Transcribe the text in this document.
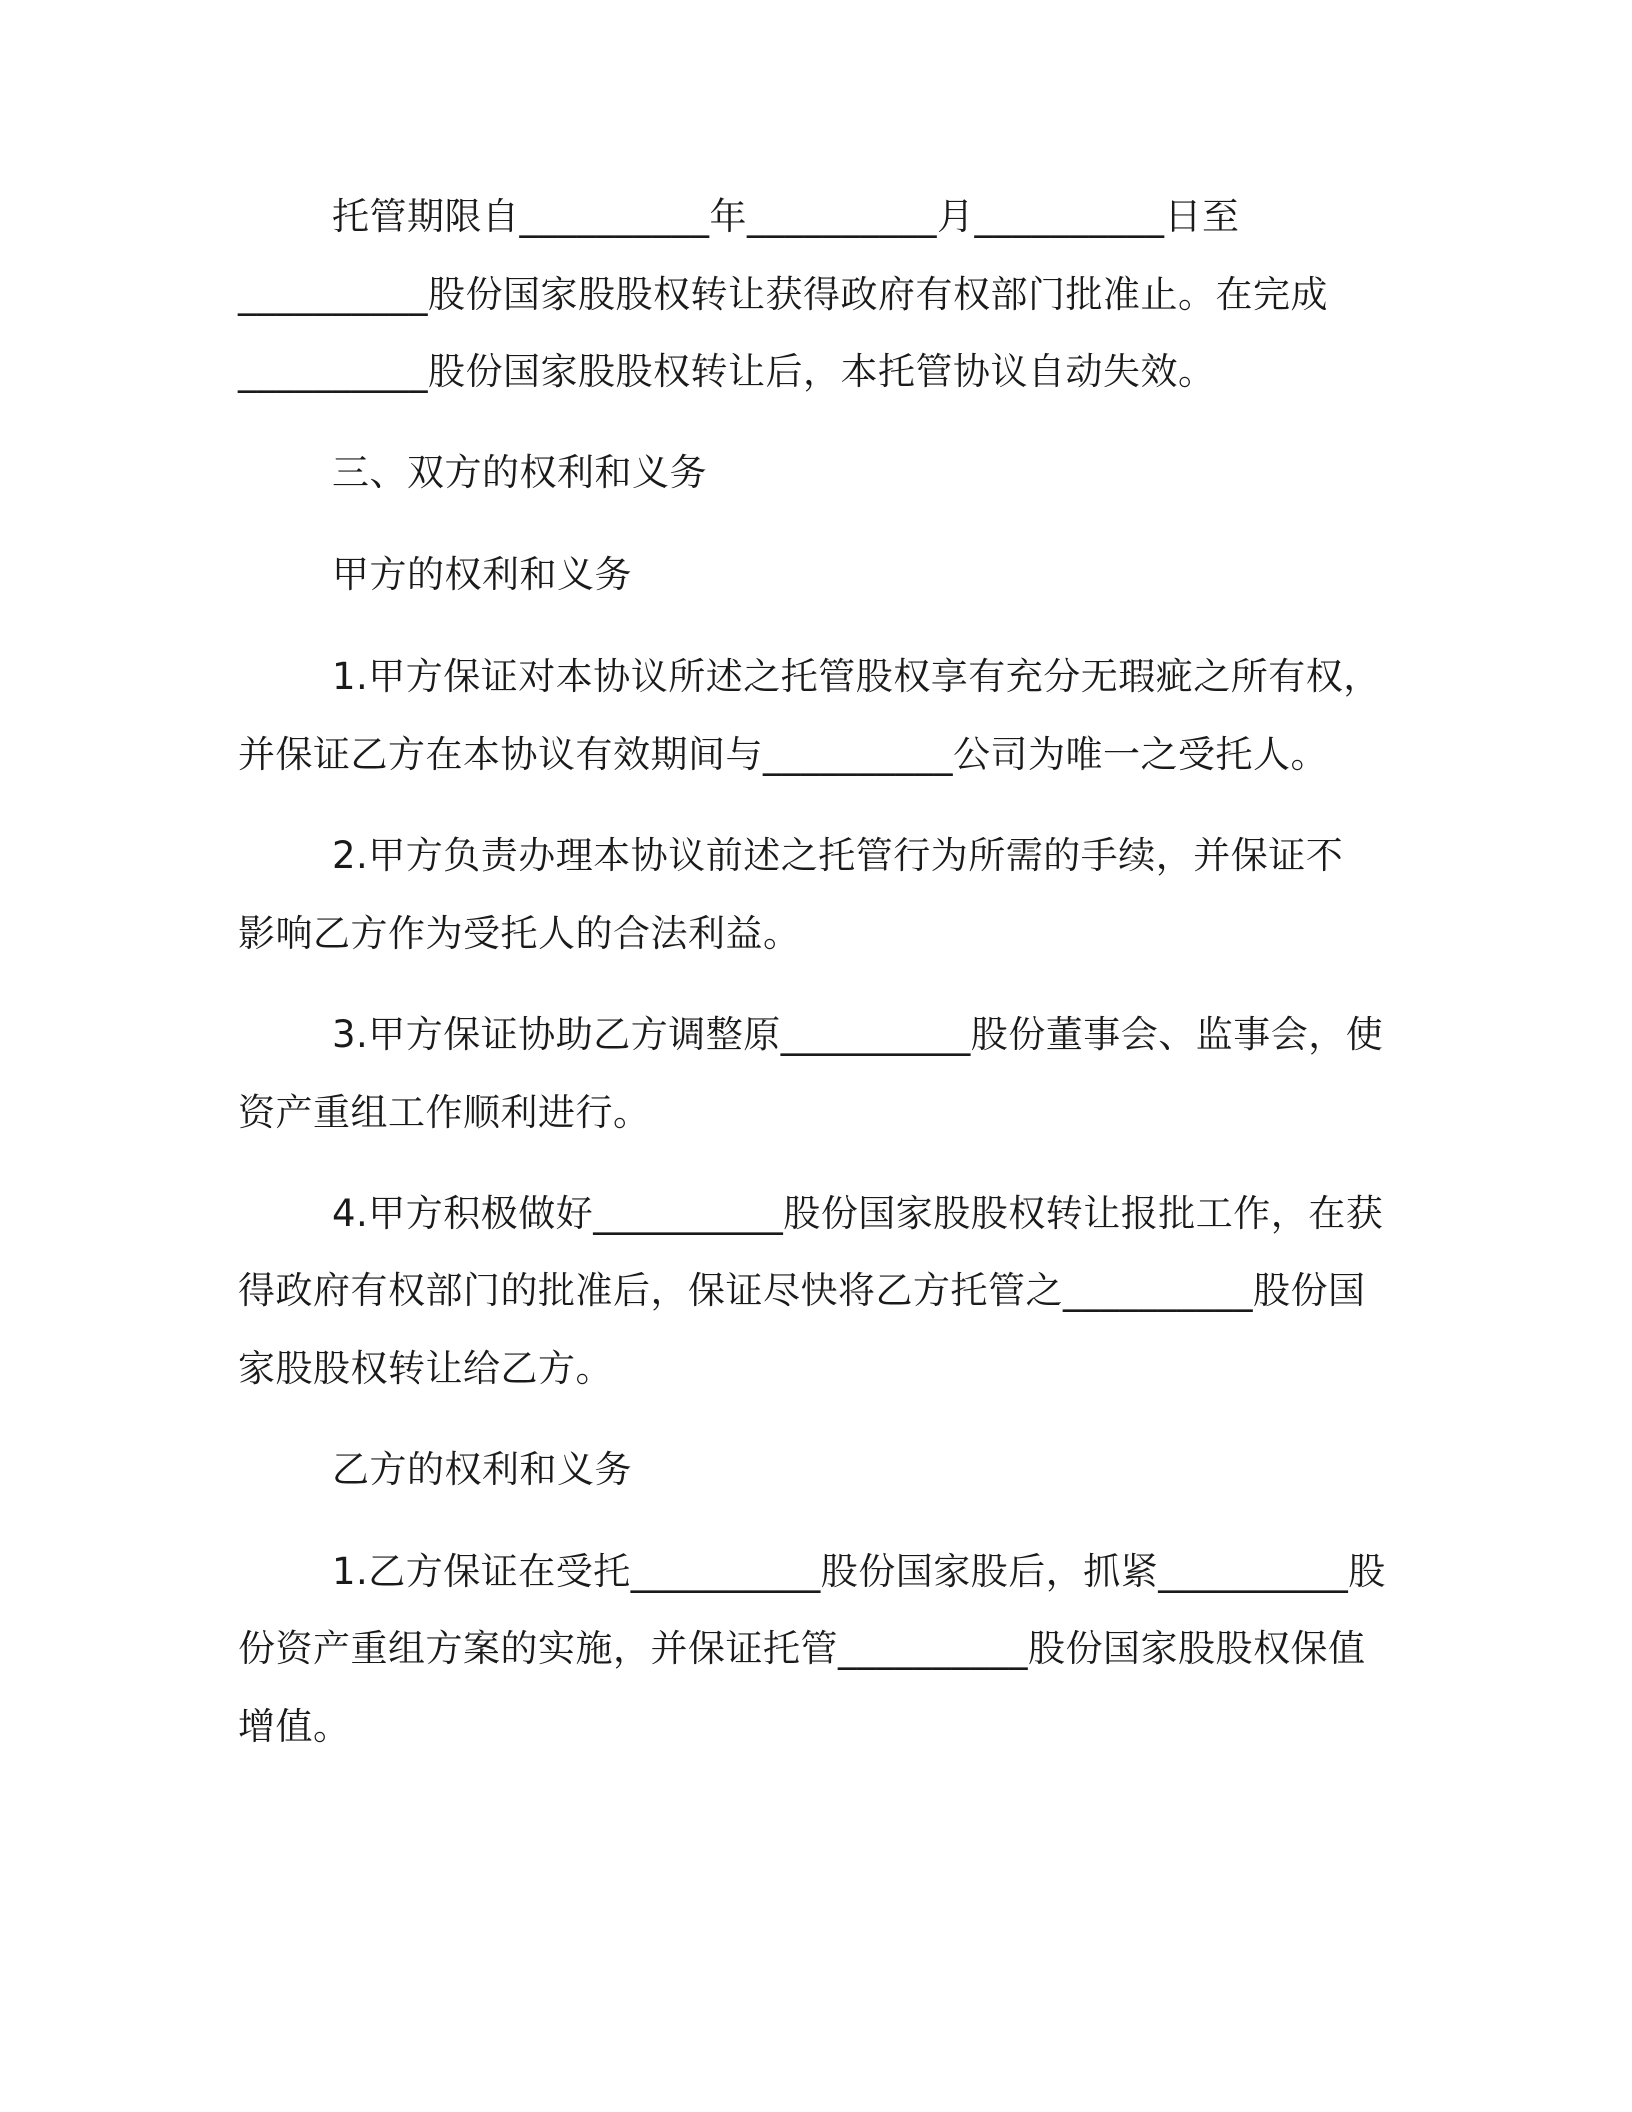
托管期限自__________年__________月__________日至

__________股份国家股股权转让获得政府有权部门批准止。在完成

__________股份国家股股权转让后，本托管协议自动失效。

三、双方的权利和义务

甲方的权利和义务

1.甲方保证对本协议所述之托管股权享有充分无瑕疵之所有权，

并保证乙方在本协议有效期间与__________公司为唯一之受托人。

2.甲方负责办理本协议前述之托管行为所需的手续，并保证不

影响乙方作为受托人的合法利益。

3.甲方保证协助乙方调整原__________股份董事会、监事会，使

资产重组工作顺利进行。

4.甲方积极做好__________股份国家股股权转让报批工作，在获

得政府有权部门的批准后，保证尽快将乙方托管之__________股份国

家股股权转让给乙方。

乙方的权利和义务

1.乙方保证在受托__________股份国家股后，抓紧__________股

份资产重组方案的实施，并保证托管__________股份国家股股权保值

增值。
